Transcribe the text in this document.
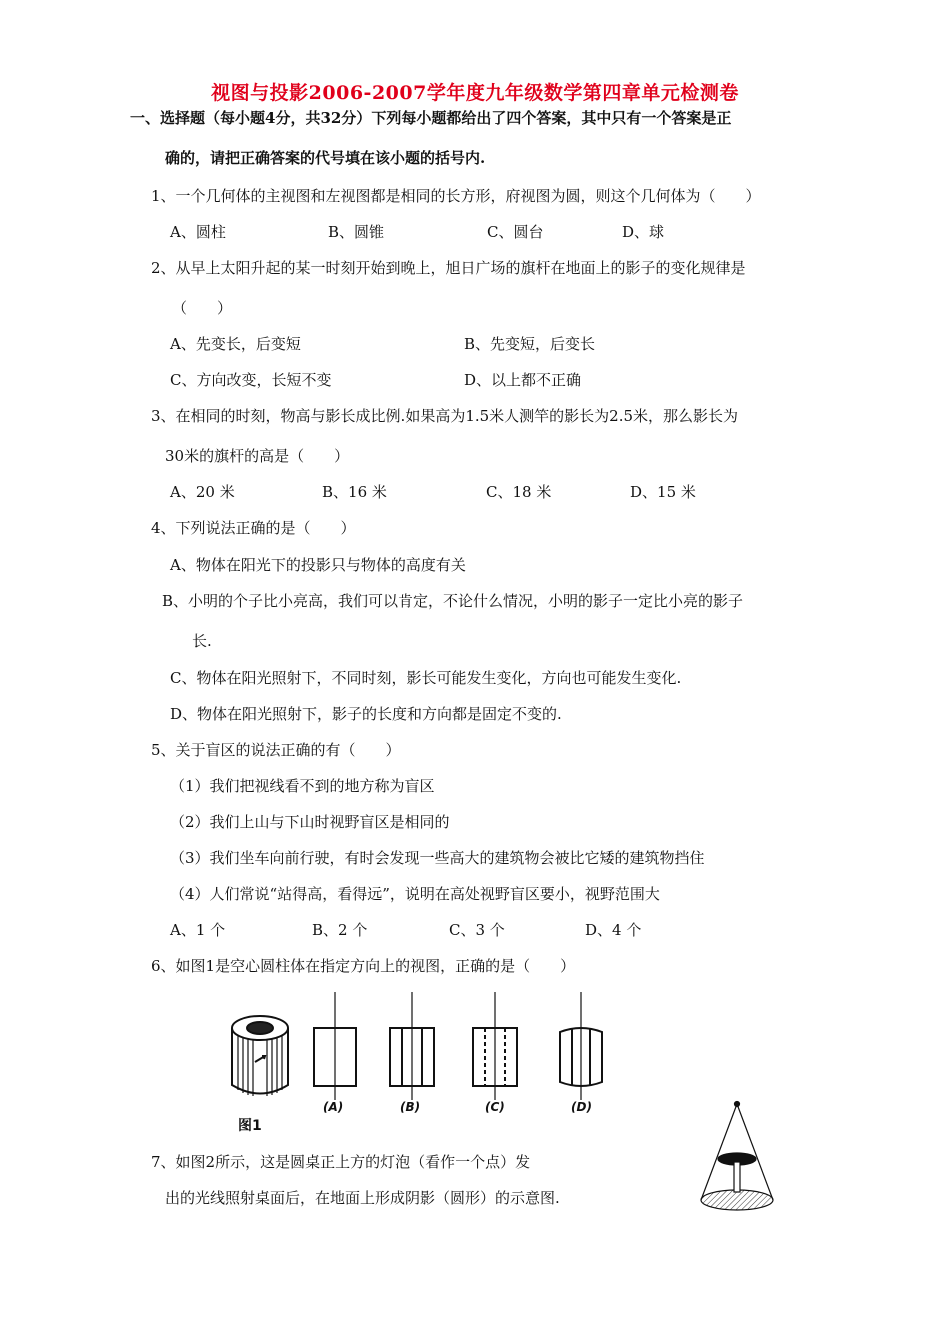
视图与投影2006-2007学年度九年级数学第四章单元检测卷
一、选择题（每小题4分，共32分）下列每小题都给出了四个答案，其中只有一个答案是正
确的，请把正确答案的代号填在该小题的括号内.
1、一个几何体的主视图和左视图都是相同的长方形，府视图为圆，则这个几何体为（　　）
A、圆柱	B、圆锥	C、圆台	D、球
2、从早上太阳升起的某一时刻开始到晚上，旭日广场的旗杆在地面上的影子的变化规律是
（　　）
A、先变长，后变短	B、先变短，后变长
C、方向改变，长短不变	D、以上都不正确
3、在相同的时刻，物高与影长成比例.如果高为1.5米人测竿的影长为2.5米，那么影长为
30米的旗杆的高是（　　）
A、20 米	B、16 米	C、18 米	D、15 米
4、下列说法正确的是（　　）
A、物体在阳光下的投影只与物体的高度有关
B、小明的个子比小亮高，我们可以肯定，不论什么情况，小明的影子一定比小亮的影子
长.
C、物体在阳光照射下，不同时刻，影长可能发生变化，方向也可能发生变化.
D、物体在阳光照射下，影子的长度和方向都是固定不变的.
5、关于盲区的说法正确的有（　　）
（1）我们把视线看不到的地方称为盲区
（2）我们上山与下山时视野盲区是相同的
（3）我们坐车向前行驶，有时会发现一些高大的建筑物会被比它矮的建筑物挡住
（4）人们常说“站得高，看得远”，说明在高处视野盲区要小，视野范围大
A、1 个	B、2 个	C、3 个	D、4 个
6、如图1是空心圆柱体在指定方向上的视图，正确的是（　　）
(A)	(B)	(C)	(D)
图1
7、如图2所示，这是圆桌正上方的灯泡（看作一个点）发
出的光线照射桌面后，在地面上形成阴影（圆形）的示意图.
